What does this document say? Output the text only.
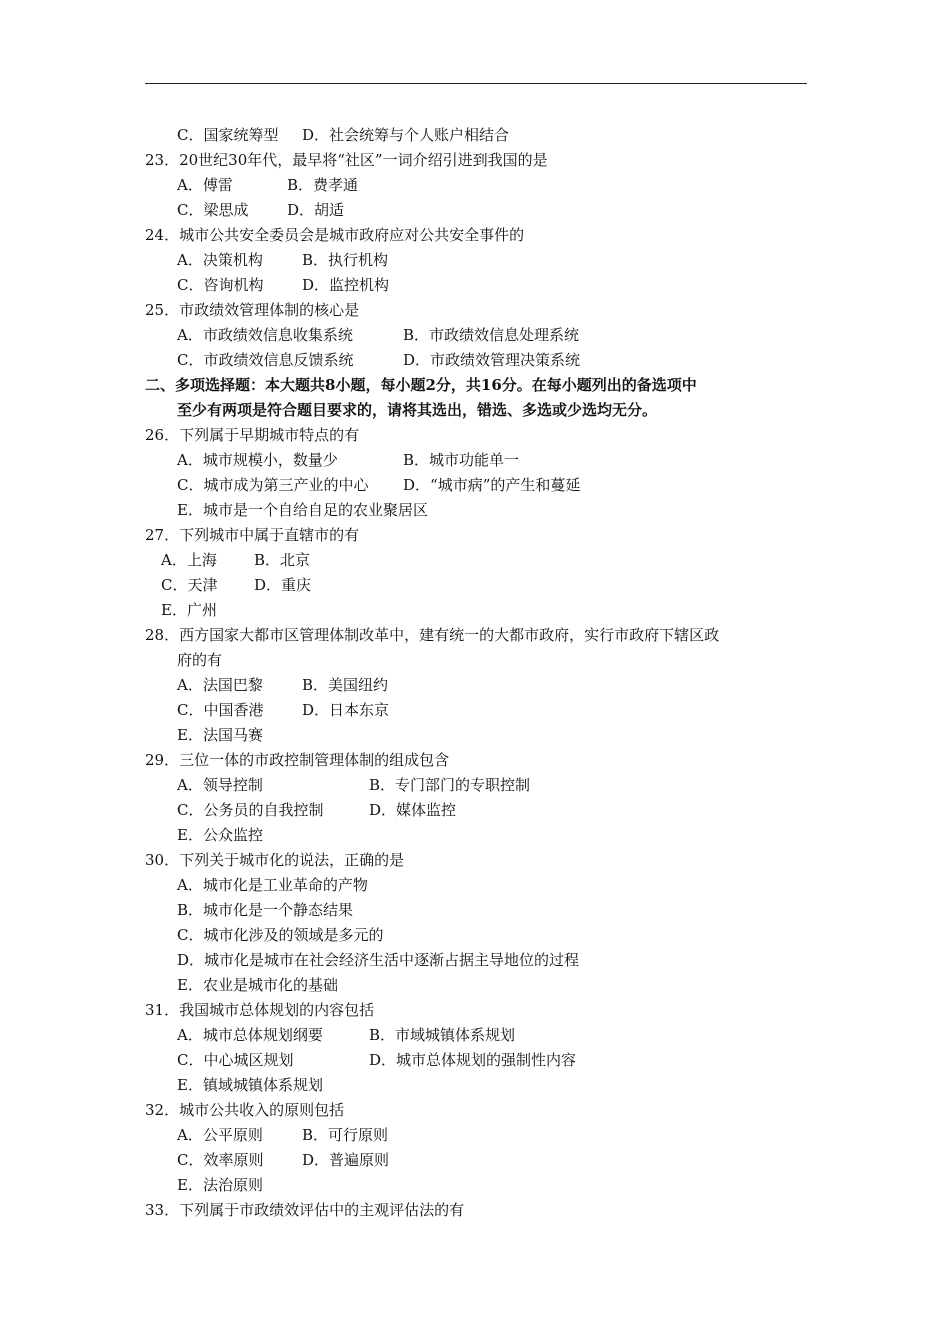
C．国家统筹型 D．社会统筹与个人账户相结合
23．20世纪30年代，最早将“社区”一词介绍引进到我国的是
A．傅雷	B．费孝通
C．梁思成	D．胡适
24．城市公共安全委员会是城市政府应对公共安全事件的
A．决策机构	B．执行机构
C．咨询机构	D．监控机构
25．市政绩效管理体制的核心是
A．市政绩效信息收集系统	B．市政绩效信息处理系统
C．市政绩效信息反馈系统	D．市政绩效管理决策系统
二、多项选择题：本大题共8小题，每小题2分，共16分。在每小题列出的备选项中
至少有两项是符合题目要求的，请将其选出，错选、多选或少选均无分。
26．下列属于早期城市特点的有
A．城市规模小，数量少	B．城市功能单一
C．城市成为第三产业的中心 D．“城市病”的产生和蔓延
E．城市是一个自给自足的农业聚居区
27．下列城市中属于直辖市的有
A．上海 B．北京
C．天津 D．重庆
E．广州
28．西方国家大都市区管理体制改革中，建有统一的大都市政府，实行市政府下辖区政
府的有
A．法国巴黎	B．美国纽约
C．中国香港	D．日本东京
E．法国马赛
29．三位一体的市政控制管理体制的组成包含
A．领导控制	B．专门部门的专职控制
C．公务员的自我控制	D．媒体监控
E．公众监控
30．下列关于城市化的说法，正确的是
A．城市化是工业革命的产物
B．城市化是一个静态结果
C．城市化涉及的领域是多元的
D．城市化是城市在社会经济生活中逐渐占据主导地位的过程
E．农业是城市化的基础
31．我国城市总体规划的内容包括
A．城市总体规划纲要	B．市域城镇体系规划
C．中心城区规划	D．城市总体规划的强制性内容
E．镇域城镇体系规划
32．城市公共收入的原则包括
A．公平原则	B．可行原则
C．效率原则	D．普遍原则
E．法治原则
33．下列属于市政绩效评估中的主观评估法的有
